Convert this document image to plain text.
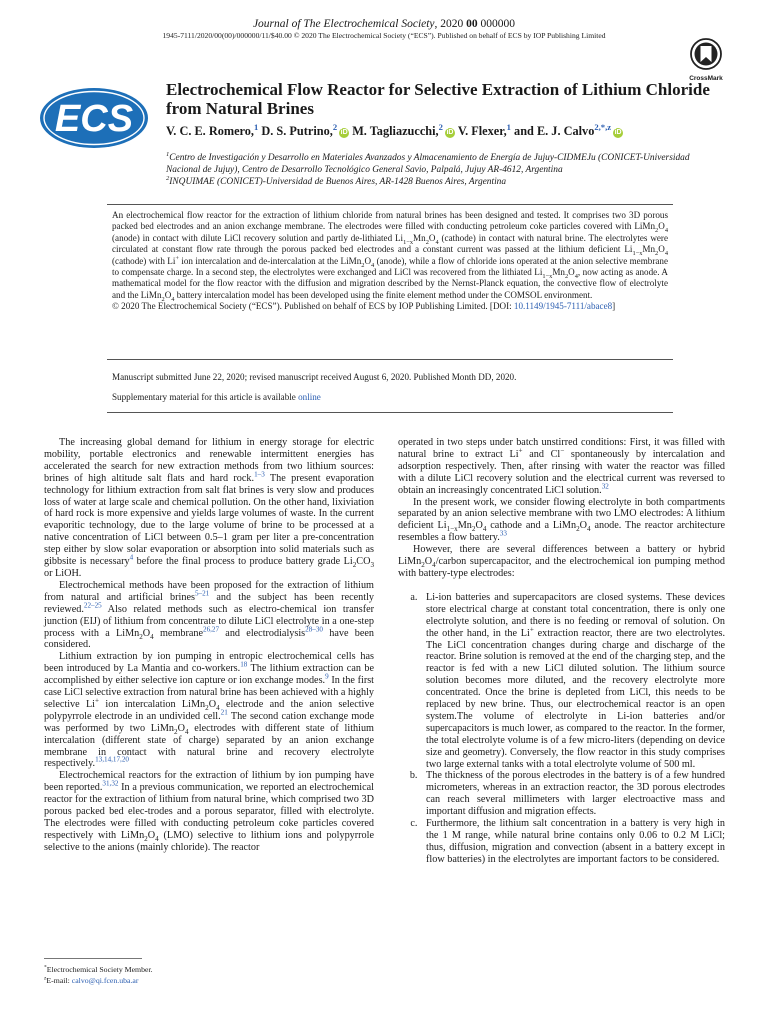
Journal of The Electrochemical Society, 2020 00 000000
1945-7111/2020/00(00)/000000/11/$40.00 © 2020 The Electrochemical Society (“ECS”). Published on behalf of ECS by IOP Publishing Limited
CrossMark
ECS
Electrochemical Flow Reactor for Selective Extraction of Lithium Chloride from Natural Brines
V. C. E. Romero,$^1$ D. S. Putrino,$^2$iD M. Tagliazucchi,$^2$iD V. Flexer,$^1$ and E. J. Calvo$^{2,*,z}$iD
$^1$Centro de Investigación y Desarrollo en Materiales Avanzados y Almacenamiento de Energía de Jujuy-CIDMEJu (CONICET-Universidad Nacional de Jujuy), Centro de Desarrollo Tecnológico General Savio, Palpalá, Jujuy AR-4612, Argentina
$^2$INQUIMAE (CONICET)-Universidad de Buenos Aires, AR-1428 Buenos Aires, Argentina
An electrochemical flow reactor for the extraction of lithium chloride from natural brines has been designed and tested. It comprises two 3D porous packed bed electrodes and an anion exchange membrane. The electrodes were filled with conducting petroleum coke particles covered with $LiMn_2O_4$ (anode) in contact with dilute LiCl recovery solution and partly de-lithiated $Li_{1-x}Mn_2O_4$ (cathode) in contact with natural brine. The electrolytes were circulated at constant flow rate through the porous packed bed electrodes and a constant current was passed at the lithium deficient $Li_{1-x}Mn_2O_4$ (cathode) with Li+ ion intercalation and de-intercalation at the $LiMn_2O_4$ (anode), while a flow of chloride ions operated at the anion selective membrane to compensate charge. In a second step, the electrolytes were exchanged and LiCl was recovered from the lithiated $Li_{1-x}Mn_2O_4$, now acting as anode. A mathematical model for the flow reactor with the diffusion and migration described by the Nernst-Planck equation, the convective flow of electrolyte and the $LiMn_2O_4$ battery intercalation model has been developed using the finite element method under the COMSOL environment.
© 2020 The Electrochemical Society (“ECS”). Published on behalf of ECS by IOP Publishing Limited. [DOI: 10.1149/1945-7111/abace8]
Manuscript submitted June 22, 2020; revised manuscript received August 6, 2020. Published Month DD, 2020.
Supplementary material for this article is available online

The increasing global demand for lithium in energy storage for electric mobility, portable electronics and renewable intermittent energies has accelerated the search for new extraction methods from two lithium sources: brines of high altitude salt flats and hard rock.$^{1-3}$ The present evaporation technology for lithium extraction from salt flat brines is very slow and produces loss of water at large scale and chemical pollution. On the other hand, lixiviation of hard rock is more expensive and yields large volumes of waste. In the current evaporitic technology, due to the large volume of brine to be processed at a native concentration of LiCl between 0.5–1 gram per liter a pre-concentration step either by slow solar evaporation or absorption into solid materials such as gibbsite is necessary$^4$ before the final process to produce battery grade $Li_2CO_3$ or LiOH.

Electrochemical methods have been proposed for the extraction of lithium from natural and artificial brines$^{5-21}$ and the subject has been recently reviewed.$^{22-25}$ Also related methods such as electro-chemical ion transfer junction (EIJ) of lithium from concentrate to dilute LiCl electrolyte in a one-step process with a $LiMn_2O_4$ membrane$^{26,27}$ and electrodialysis$^{28-30}$ have been considered.

Lithium extraction by ion pumping in entropic electrochemical cells has been introduced by La Mantia and co-workers.$^{18}$ The lithium extraction can be accomplished by either selective ion capture or ion exchange modes.$^9$ In the first case LiCl selective extraction from natural brine has been achieved with a highly selective Li+ ion intercalation $LiMn_2O_4$ electrode and the anion selective polypyrrole electrode in an undivided cell.$^{21}$ The second cation exchange mode was performed by two $LiMn_2O_4$ electrodes with different state of lithium intercalation (different state of charge) separated by an anion exchange membrane in contact with natural brine and recovery electrolyte respectively.$^{13,14,17,20}$

Electrochemical reactors for the extraction of lithium by ion pumping have been reported.$^{31,32}$ In a previous communication, we reported an electrochemical reactor for the extraction of lithium from natural brine, which comprised two 3D porous packed bed elec-trodes and a porous separator, filled with electrolyte. The electrodes were filled with conducting petroleum coke particles covered respectively with $LiMn_2O_4$ (LMO) selective to lithium ions and polypyrrole selective to the anions (mainly chloride). The reactor

operated in two steps under batch unstirred conditions: First, it was filled with natural brine to extract Li+ and Cl− spontaneously by intercalation and adsorption respectively. Then, after rinsing with water the reactor was filled with a dilute LiCl recovery solution and the electrical current was reversed to obtain an increasingly concentrated LiCl solution.$^{32}$

In the present work, we consider flowing electrolyte in both compartments separated by an anion selective membrane with two LMO electrodes: A lithium deficient $Li_{1-x}Mn_2O_4$ cathode and a $LiMn_2O_4$ anode. The reactor architecture resembles a flow battery.$^{33}$

However, there are several differences between a battery or hybrid $LiMn_2O_4$/carbon supercapacitor, and the electrochemical ion pumping method with battery-type electrodes:

a. Li-ion batteries and supercapacitors are closed systems. These devices store electrical charge at constant total concentration, there is only one electrolyte solution, and there is no feeding or removal of solution. On the other hand, in the Li+ extraction reactor, there are two electrolytes. The LiCl concentration changes during charge and discharge of the reactor. Brine solution is removed at the end of the charging step, and the reactor is fed with a new LiCl diluted solution. The lithium source solution becomes more diluted, and the recovery electrolyte more concentrated. Once the brine is depleted from LiCl, this needs to be replaced by new brine. Thus, our electrochemical reactor is an open system.The volume of electrolyte in Li-ion batteries and/or supercapacitors is much lower, as compared to the reactor. In the former, the total electrolyte volume is of a few micro-liters (depending on device size and geometry). Conversely, the flow reactor in this study comprises two large external tanks with a total electrolyte volume of 500 ml.
b. The thickness of the porous electrodes in the battery is of a few hundred micrometers, whereas in an extraction reactor, the 3D porous electrodes can reach several millimeters with larger electroactive mass and important diffusion and migration effects.
c. Furthermore, the lithium salt concentration in a battery is very high in the 1 M range, while natural brine contains only 0.06 to 0.2 M LiCl; thus, diffusion, migration and convection (absent in a battery except in flow batteries) in the electrolytes are important factors to be considered.
*Electrochemical Society Member.
$^z$E-mail: calvo@qi.fcen.uba.ar
